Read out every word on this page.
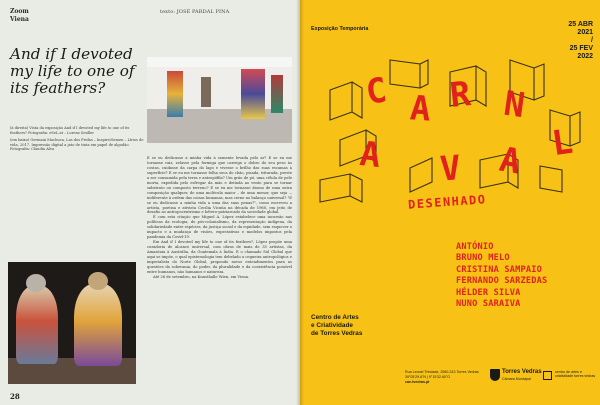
Zoom
Viena
texto: JOSÉ PARDAL PINA
And if I devoted my life to one of its feathers?
(à direita) Vista da exposição And if I devoted my life to one of its feathers? Fotografia: eSeL.at – Lorenz Seidler
(em baixo) Germain Machuca, Las dos Fridas – Inspire/Semen – Lírios de vida, 2017. Impressão digital a jato de tinta em papel de algodão. Fotografia: Claudia Alva

E se eu dedicasse a minha vida à semente levada pelo ar? E se eu me tornasse raiz, zelasse pela formiga que carrega o dobro do seu peso às costas, cuidasse da carpa do lago e vivesse o brilho das suas escamas à superfície? E se eu me tornasse folha seca do chão, pisada, triturada, preste a ser consumida pela terra e antropófila? Um grão de pó, uma célula de pele morta, expedida pelo esfregar da mão e deitada ao vento para se tornar substrato ou composto terreno? E se eu me tornasse átomo de uma outra composição qualquer, de uma molécula maior – de uma menor, que seja –, indiferente à ordem das coisas humanas, mas cerne no balanço universal? "E se eu dedicasse a minha vida a uma das suas penas?", como escreveu a artista, poetisa e ativista Cecilia Vicuña na década de 1960, em jeito de desafio ao antropocentrismo e hétero-patriarcado da sociedade global.

É com esta citação que Miguel A. López estabelece uma incursão nas políticas da ecologia, do pós-colonialismo, da representação indígena, da solidariedade entre espécies, da justiça social e da equidade, sem esquecer o impacto e a mudança de visões, expectativas e modelos impostos pela pandemia da Covid-19.

Em And if I devoted my life to one of its feathers?, López propõe uma curadoria de alcance universal, com obras de mais de 35 artistas, da Amazónia à Austrália, da Guatemala à Índia. E o chamado Sul Global que aqui se impõe, o qual epistemologia tem debelado a cegueira antropológica e imperialista do Norte Global, propondo novos entendimentos para as questões da soberania, do poder, da pluralidade e da coexistência possível entre humanos, não humanos e natureza.

Até 26 de setembro, na Kunsthalle Wien, em Viena.

28
Exposição Temporária
25 ABR
2021
/
25 FEV
2022
C A R N
A V A L
DESENHADO
ANTÓNIO
BRUNO MELO
CRISTINA SAMPAIO
FERNANDO SARZEDAS
HÉLDER SILVA
NUNO SARAIVA
Centro de Artes
e Criatividade
de Torres Vedras
Rua Leonel Trindade, 2560-313 Torres Vedras
39°05'29.6"N | 9°15'32.60"O
cae-tvedras.pt
Torres Vedras
Câmara Municipal
centro de artes e criatividade torres vedras
